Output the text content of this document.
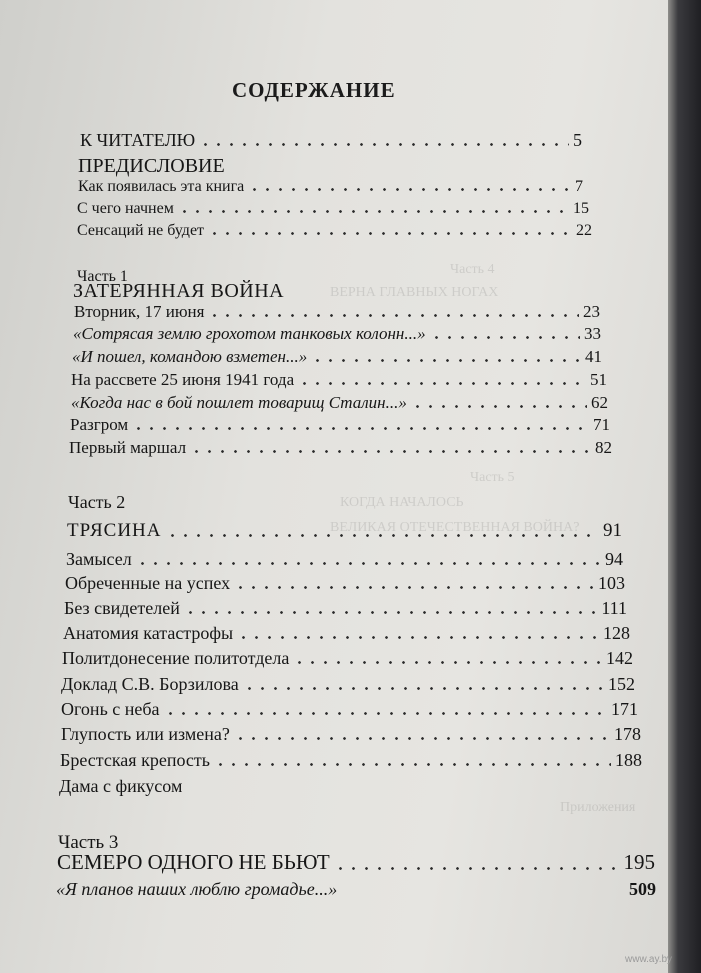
Часть 4
ВЕРНА ГЛАВНЫХ НОГАХ
Часть 5
КОГДА НАЧАЛОСЬ
ВЕЛИКАЯ ОТЕЧЕСТВЕННАЯ ВОЙНА?
Приложения
СОДЕРЖАНИЕ
К ЧИТАТЕЛЮ	5
ПРЕДИСЛОВИЕ
Как появилась эта книга	7
С чего начнем	15
Сенсаций не будет	22
Часть 1
ЗАТЕРЯННАЯ ВОЙНА
Вторник, 17 июня	23
«Сотрясая землю грохотом танковых колонн...»	33
«И пошел, командою взметен...»	41
На рассвете 25 июня 1941 года	51
«Когда нас в бой пошлет товарищ Сталин...»	62
Разгром	71
Первый маршал	82
Часть 2
ТРЯСИНА	91
Замысел	94
Обреченные на успех	103
Без свидетелей	111
Анатомия катастрофы	128
Политдонесение политотдела	142
Доклад С.В. Борзилова	152
Огонь с неба	171
Глупость или измена?	178
Брестская крепость	188
Дама с фикусом
Часть 3
СЕМЕРО ОДНОГО НЕ БЬЮТ	195
«Я планов наших люблю громадье...»	509
www.ay.by
